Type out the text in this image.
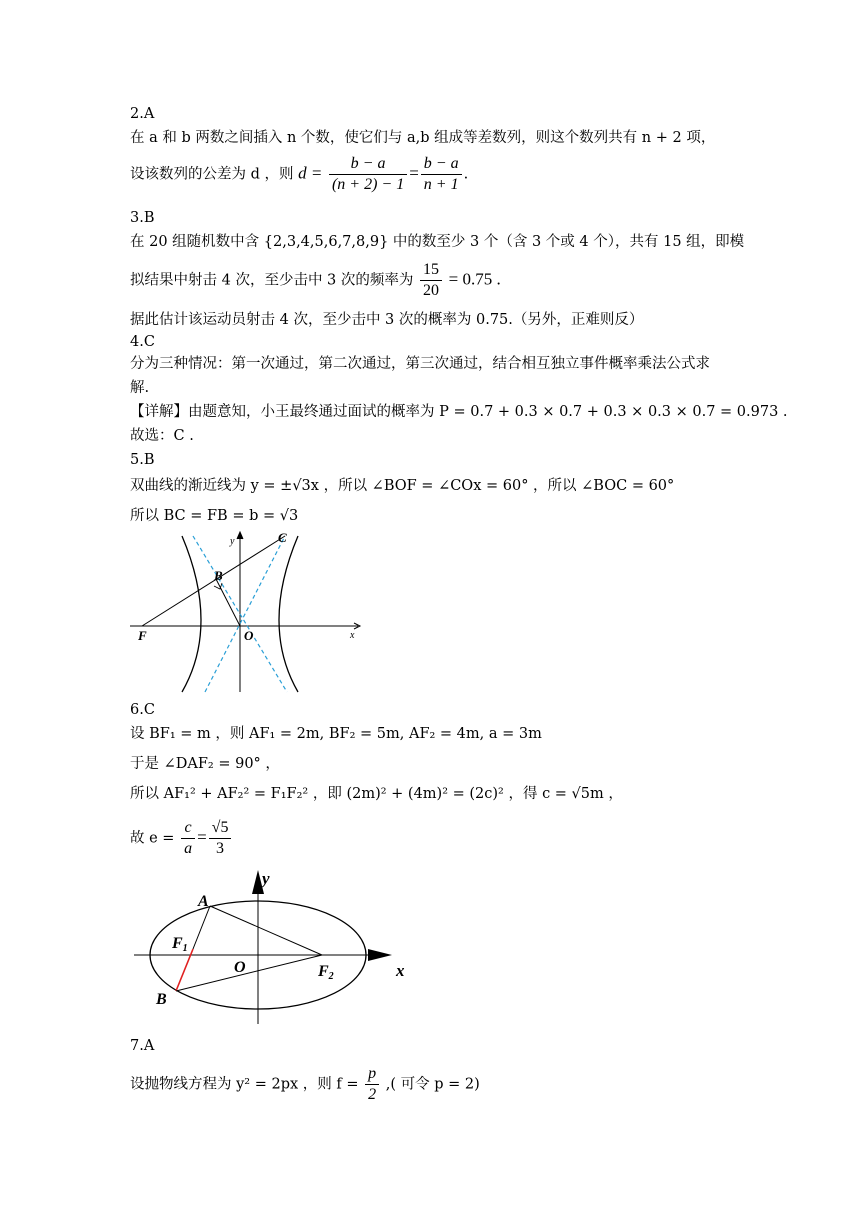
2.A
在 a 和 b 两数之间插入 n 个数，使它们与 a,b 组成等差数列，则这个数列共有 n + 2 项，
设该数列的公差为 d ，则 $d = \frac{b - a}{(n + 2) - 1} = \frac{b - a}{n + 1}$ .
3.B
在 20 组随机数中含 {2,3,4,5,6,7,8,9} 中的数至少 3 个（含 3 个或 4 个），共有 15 组，即模
拟结果中射击 4 次，至少击中 3 次的频率为 $\frac{15}{20} = 0.75$ .
据此估计该运动员射击 4 次，至少击中 3 次的概率为 0.75.（另外，正难则反）
4.C
分为三种情况：第一次通过，第二次通过，第三次通过，结合相互独立事件概率乘法公式求
解.
【详解】由题意知，小王最终通过面试的概率为 P = 0.7 + 0.3 × 0.7 + 0.3 × 0.3 × 0.7 = 0.973 .
故选：C .
5.B
双曲线的渐近线为 y = ±√3x ，所以 ∠BOF = ∠COx = 60° ，所以 ∠BOC = 60°
所以 BC = FB = b = √3
F
B
C
O	x
y
6.C
设 BF₁ = m ，则 AF₁ = 2m, BF₂ = 5m, AF₂ = 4m, a = 3m
于是 ∠DAF₂ = 90° ，
所以 AF₁² + AF₂² = F₁F₂² ，即 (2m)² + (4m)² = (2c)² ，得 c = √5m ，
故 $e = \frac{c}{a} = \frac{√5}{3}$
A
B
F1
F2
O	x
y
7.A
设抛物线方程为 y² = 2px ，则 $f = \frac{p}{2}$ ,( 可令 p = 2)
